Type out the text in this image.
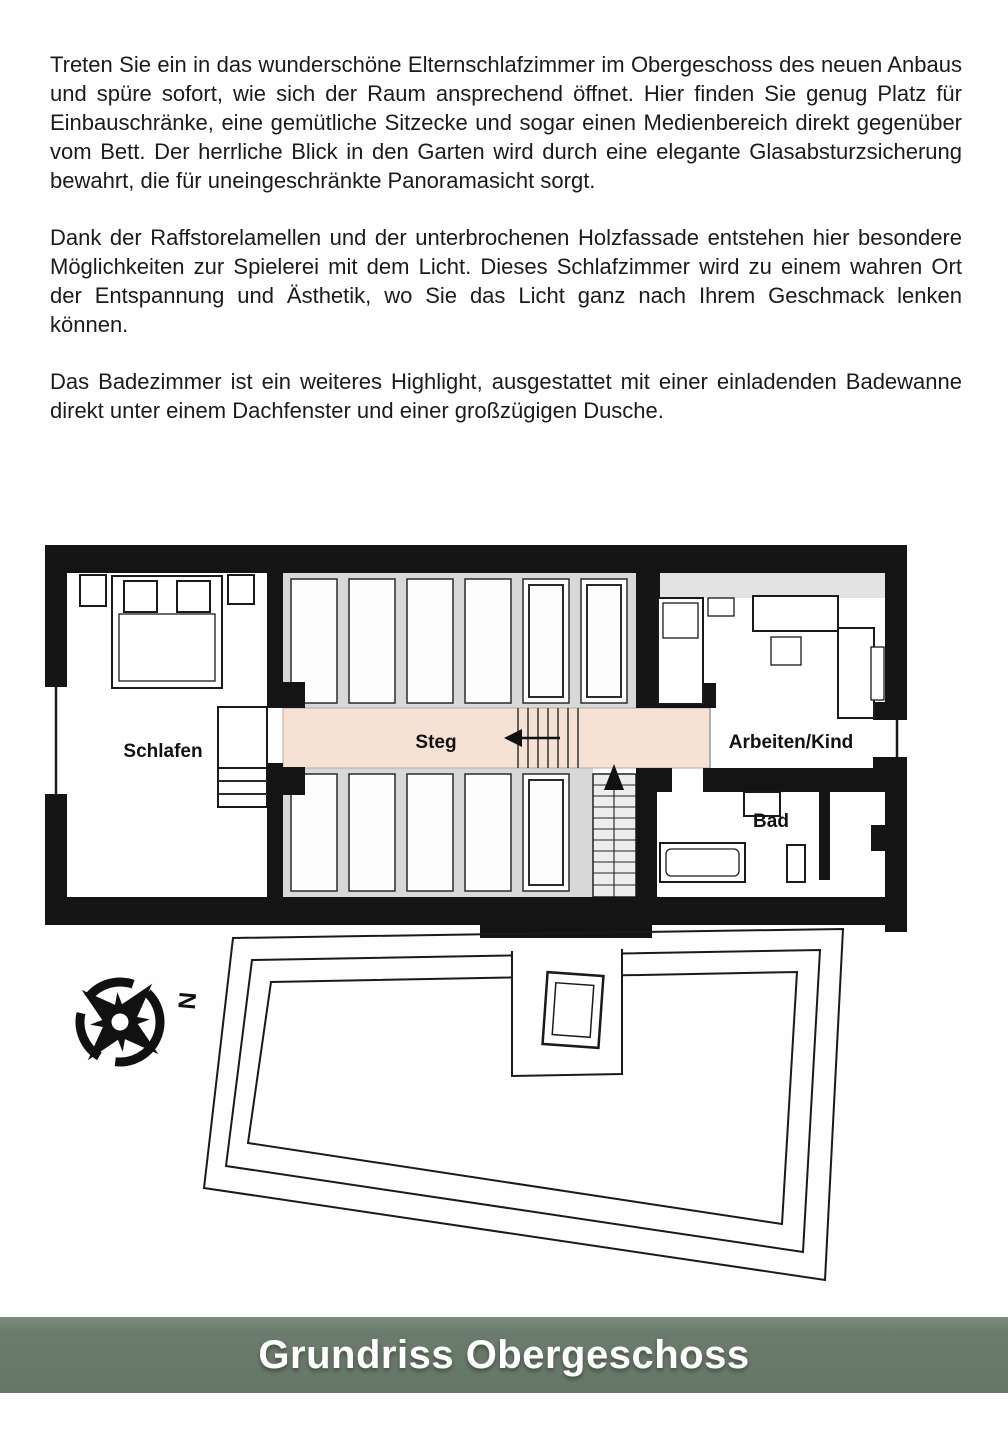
Treten Sie ein in das wunderschöne Elternschlafzimmer im Obergeschoss des neuen Anbaus und spüre sofort, wie sich der Raum ansprechend öffnet. Hier finden Sie genug Platz für Einbauschränke, eine gemütliche Sitzecke und sogar einen Medienbereich direkt gegenüber vom Bett. Der herrliche Blick in den Garten wird durch eine elegante Glasabsturzsicherung bewahrt, die für uneingeschränkte Panoramasicht sorgt.

Dank der Raffstorelamellen und der unterbrochenen Holzfassade entstehen hier besondere Möglichkeiten zur Spielerei mit dem Licht. Dieses Schlafzimmer wird zu einem wahren Ort der Entspannung und Ästhetik, wo Sie das Licht ganz nach Ihrem Geschmack lenken können.

Das Badezimmer ist ein weiteres Highlight, ausgestattet mit einer einladenden Badewanne direkt unter einem Dachfenster und einer großzügigen Dusche.

Schlafen	Steg	Arbeiten/Kind
Bad
N
Grundriss Obergeschoss
